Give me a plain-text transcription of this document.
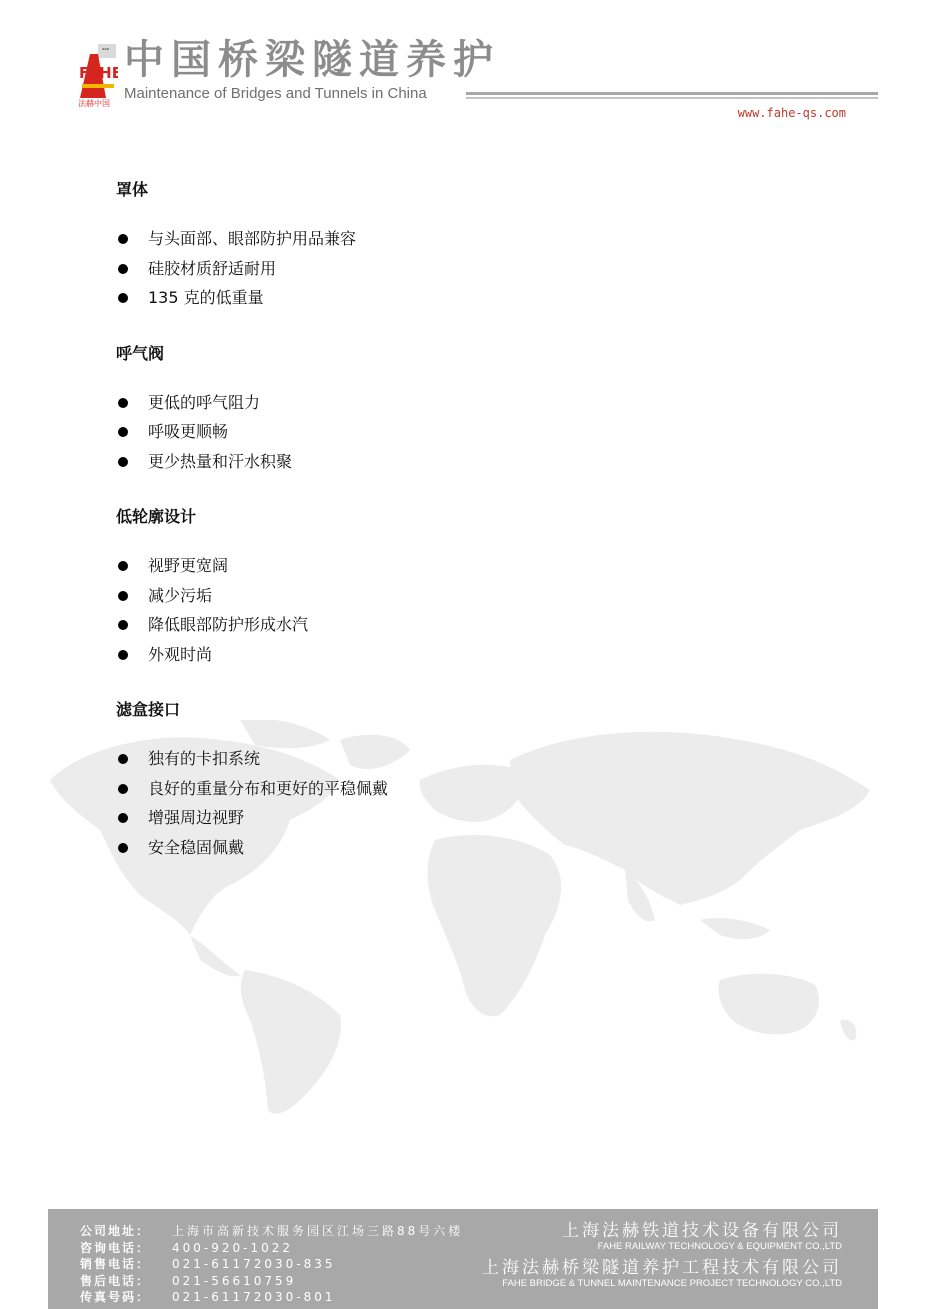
▪▪▪
FAHE
法赫中国
中国桥梁隧道养护
Maintenance of Bridges and Tunnels in China
www.fahe-qs.com
罩体
与头面部、眼部防护用品兼容
硅胶材质舒适耐用
135 克的低重量
呼气阀
更低的呼气阻力
呼吸更顺畅
更少热量和汗水积聚
低轮廓设计
视野更宽阔
减少污垢
降低眼部防护形成水汽
外观时尚
滤盒接口
独有的卡扣系统
良好的重量分布和更好的平稳佩戴
增强周边视野
安全稳固佩戴
公司地址：	上海市高新技术服务园区江场三路88号六楼
咨询电话：	400-920-1022
销售电话：	021-61172030-835
售后电话：	021-56610759
传真号码：	021-61172030-801
上海法赫铁道技术设备有限公司
FAHE RAILWAY TECHNOLOGY & EQUIPMENT CO.,LTD
上海法赫桥梁隧道养护工程技术有限公司
FAHE BRIDGE & TUNNEL MAINTENANCE PROJECT TECHNOLOGY CO.,LTD
